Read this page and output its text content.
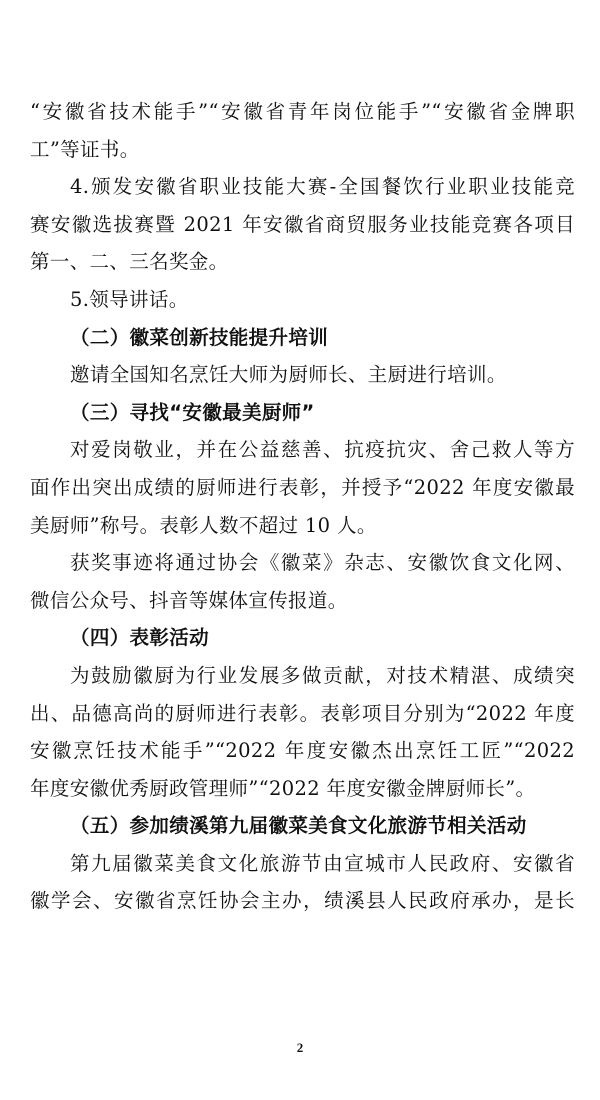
“安徽省技术能手”“安徽省青年岗位能手”“安徽省金牌职
工”等证书。
4.颁发安徽省职业技能大赛-全国餐饮行业职业技能竞
赛安徽选拔赛暨 2021 年安徽省商贸服务业技能竞赛各项目
第一、二、三名奖金。
5.领导讲话。
（二）徽菜创新技能提升培训
邀请全国知名烹饪大师为厨师长、主厨进行培训。
（三）寻找“安徽最美厨师”
对爱岗敬业，并在公益慈善、抗疫抗灾、舍己救人等方
面作出突出成绩的厨师进行表彰，并授予“2022 年度安徽最
美厨师”称号。表彰人数不超过 10 人。
获奖事迹将通过协会《徽菜》杂志、安徽饮食文化网、
微信公众号、抖音等媒体宣传报道。
（四）表彰活动
为鼓励徽厨为行业发展多做贡献，对技术精湛、成绩突
出、品德高尚的厨师进行表彰。表彰项目分别为“2022 年度
安徽烹饪技术能手”“2022 年度安徽杰出烹饪工匠”“2022
年度安徽优秀厨政管理师”“2022 年度安徽金牌厨师长”。
（五）参加绩溪第九届徽菜美食文化旅游节相关活动
第九届徽菜美食文化旅游节由宣城市人民政府、安徽省
徽学会、安徽省烹饪协会主办，绩溪县人民政府承办，是长
2
